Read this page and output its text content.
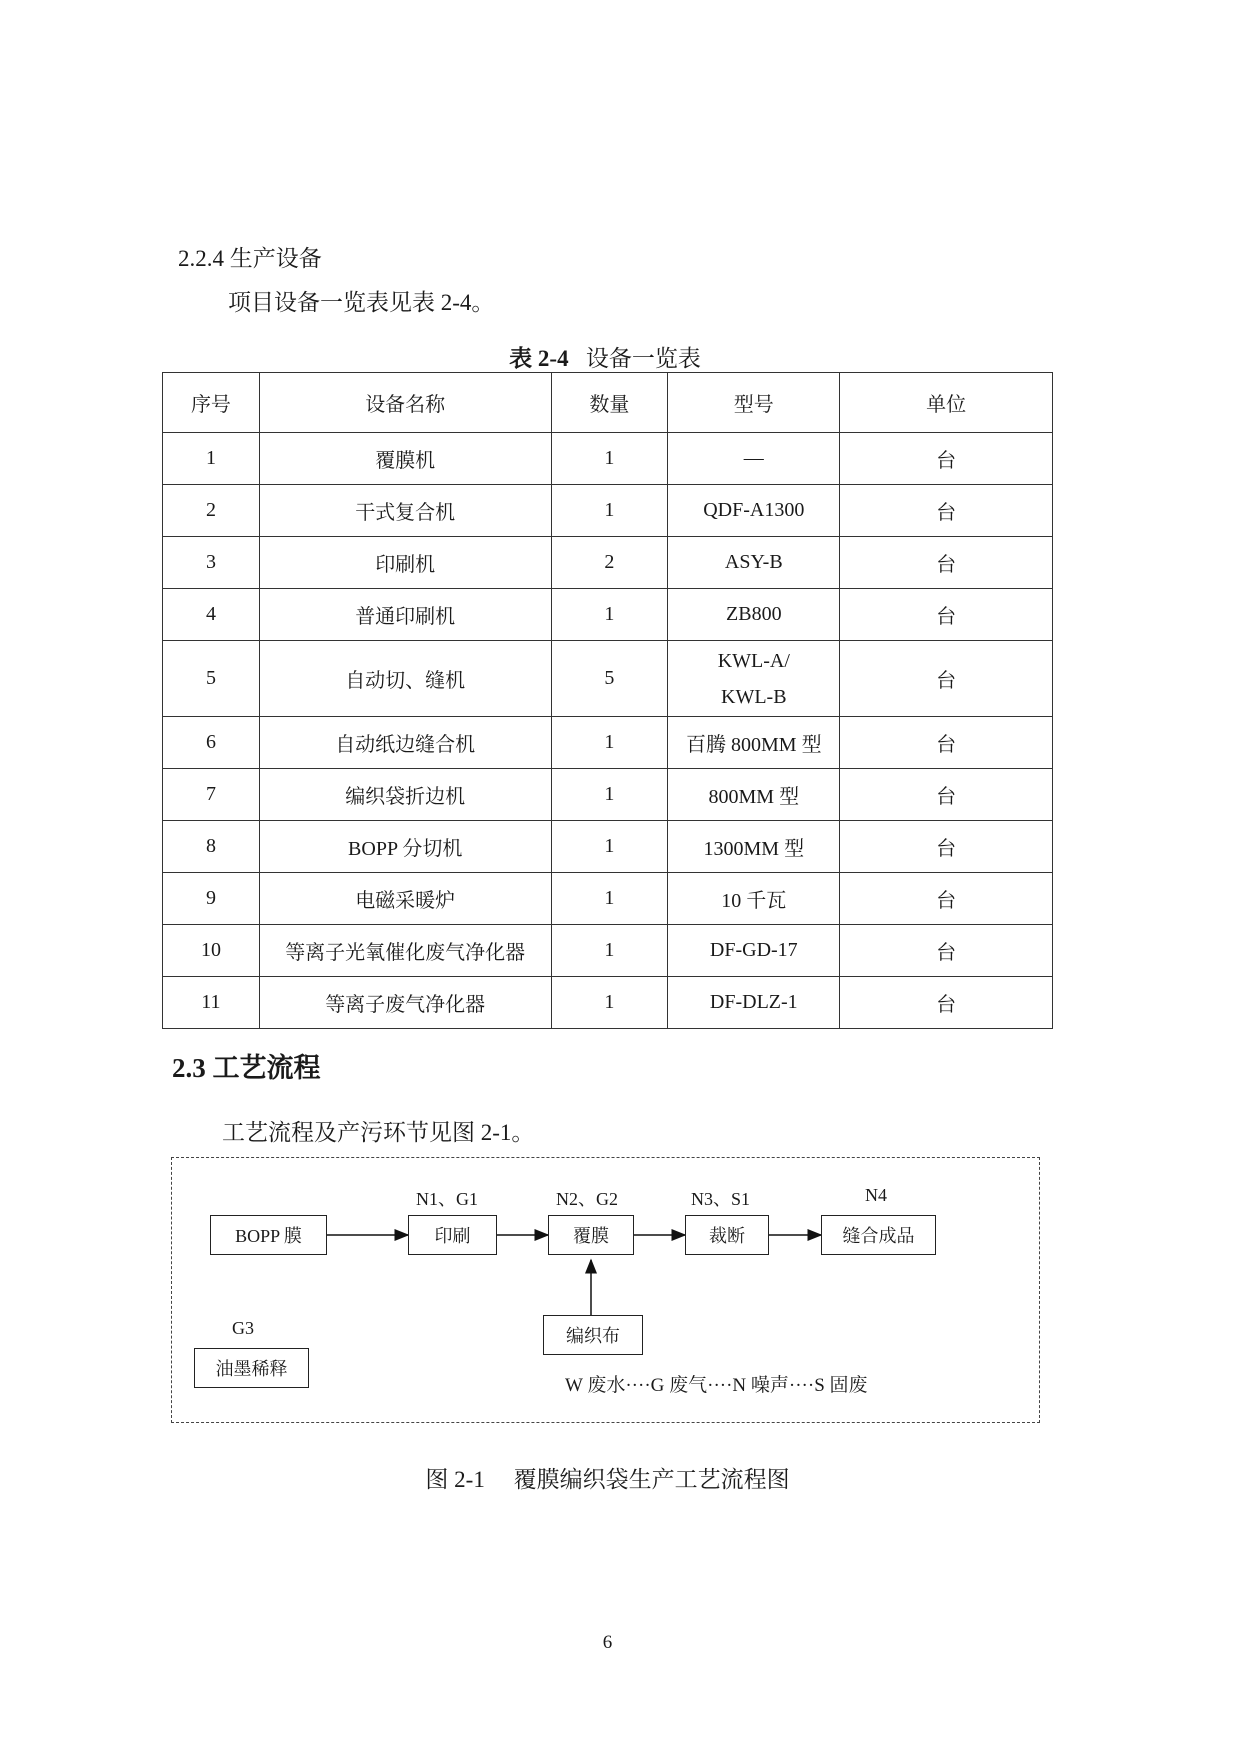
2.2.4 生产设备
项目设备一览表见表 2-4。
表 2-4 设备一览表
序号	设备名称	数量	型号	单位
1	覆膜机	1	—	台
2	干式复合机	1	QDF-A1300	台
3	印刷机	2	ASY-B	台
4	普通印刷机	1	ZB800	台
5	自动切、缝机	5	KWL-A/ KWL-B	台
6	自动纸边缝合机	1	百腾 800MM 型	台
7	编织袋折边机	1	800MM 型	台
8	BOPP 分切机	1	1300MM 型	台
9	电磁采暖炉	1	10 千瓦	台
10	等离子光氧催化废气净化器	1	DF-GD-17	台
11	等离子废气净化器	1	DF-DLZ-1	台
2.3 工艺流程
工艺流程及产污环节见图 2-1。
BOPP 膜	印刷	覆膜	裁断	缝合成品
编织布
油墨稀释
N1、G1	N2、G2	N3、S1	N4
G3
W 废水····G 废气····N 噪声····S 固废
图 2-1　 覆膜编织袋生产工艺流程图
6
